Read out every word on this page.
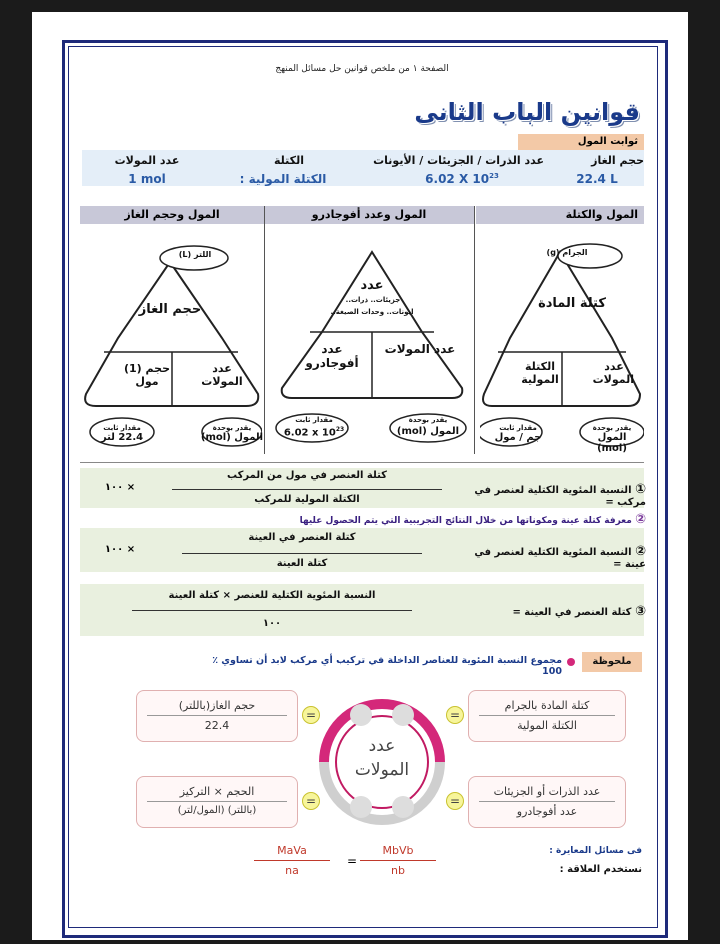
الصفحة ١ من ملخص قوانين حل مسائل المنهج
قوانين الباب الثانى
ثوابت المول
حجم الغاز
عدد الذرات / الجزيئات / الأيونات
الكتلة
عدد المولات
22.4 L
6.02 X $10^{23}$
الكتلة المولية :
1 mol
المول والكتلة
المول وعدد أفوجادرو
المول وحجم الغاز
الجرام (g)
كتلة المادة
عدد المولات
الكتلة المولية
مقدار ثابت
جم / مول
يقدر بوحدة
المول (mol)
عدد
جزيئات.. ذرات..
ايونات.. وحدات الصيغة..
عدد المولات
عدد أفوجادرو
يقدر بوحدة
المول (mol)
مقدار ثابت
6.02 x $10^{23}$
اللتر (L)
حجم الغاز
عدد المولات
حجم (1) مول
يقدر بوحدة
المول (mol)
مقدار ثابت
22.4 لتر
① النسبة المئوية الكتلية لعنصر في مركب =
كتلة العنصر في مول من المركب
الكتلة المولية للمركب
× ١٠٠
② معرفة كتلة عينة ومكوناتها من خلال النتائج التجريبية التي يتم الحصول عليها
② النسبة المئوية الكتلية لعنصر في عينة =
كتلة العنصر في العينة
كتلة العينة
× ١٠٠
③ كتلة العنصر في العينة =
النسبة المئوية الكتلية للعنصر × كتلة العينة
١٠٠
ملحوظة
مجموع النسبة المئوية للعناصر الداخلة في تركيب أي مركب لابد أن تساوي ٪ 100
عدد المولات
حجم الغاز(باللتر)
22.4
=
كتلة المادة بالجرام
الكتلة المولية
=
الحجم × التركيز
(باللتر) (المول/لتر)
=
عدد الذرات أو الجزيئات
عدد أفوجادرو
=
فى مسائل المعايرة :
نستخدم العلاقة :
MaVa
na
=
MbVb
nb
